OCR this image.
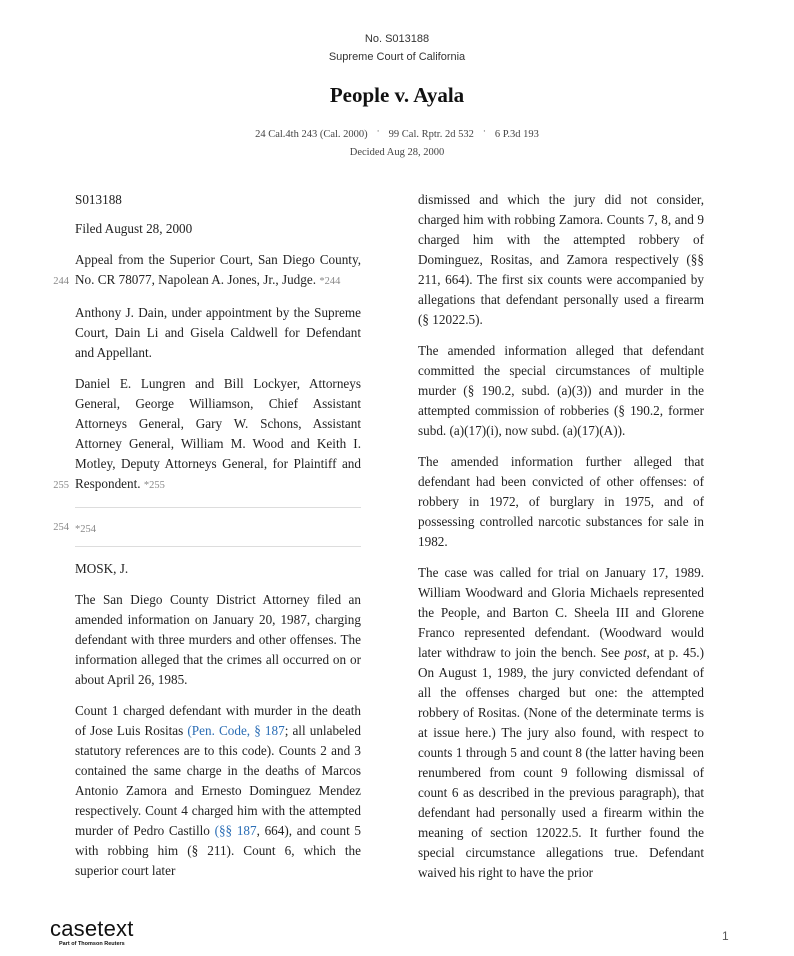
No. S013188
Supreme Court of California
People v. Ayala
24 Cal.4th 243 (Cal. 2000) · 99 Cal. Rptr. 2d 532 · 6 P.3d 193
Decided Aug 28, 2000

S013188

Filed August 28, 2000

Appeal from the Superior Court, San Diego County, No. CR 78077, Napolean A. Jones, Jr., Judge. *244
244

Anthony J. Dain, under appointment by the Supreme Court, Dain Li and Gisela Caldwell for Defendant and Appellant.

Daniel E. Lungren and Bill Lockyer, Attorneys General, George Williamson, Chief Assistant Attorneys General, Gary W. Schons, Assistant Attorney General, William M. Wood and Keith I. Motley, Deputy Attorneys General, for Plaintiff and Respondent. *255
255

254 *254

MOSK, J.

The San Diego County District Attorney filed an amended information on January 20, 1987, charging defendant with three murders and other offenses. The information alleged that the crimes all occurred on or about April 26, 1985.

Count 1 charged defendant with murder in the death of Jose Luis Rositas (Pen. Code, § 187; all unlabeled statutory references are to this code). Counts 2 and 3 contained the same charge in the deaths of Marcos Antonio Zamora and Ernesto Dominguez Mendez respectively. Count 4 charged him with the attempted murder of Pedro Castillo (§§ 187, 664), and count 5 with robbing him (§ 211). Count 6, which the superior court later

dismissed and which the jury did not consider, charged him with robbing Zamora. Counts 7, 8, and 9 charged him with the attempted robbery of Dominguez, Rositas, and Zamora respectively (§§ 211, 664). The first six counts were accompanied by allegations that defendant personally used a firearm (§ 12022.5).

The amended information alleged that defendant committed the special circumstances of multiple murder (§ 190.2, subd. (a)(3)) and murder in the attempted commission of robberies (§ 190.2, former subd. (a)(17)(i), now subd. (a)(17)(A)).

The amended information further alleged that defendant had been convicted of other offenses: of robbery in 1972, of burglary in 1975, and of possessing controlled narcotic substances for sale in 1982.

The case was called for trial on January 17, 1989. William Woodward and Gloria Michaels represented the People, and Barton C. Sheela III and Glorene Franco represented defendant. (Woodward would later withdraw to join the bench. See post, at p. 45.) On August 1, 1989, the jury convicted defendant of all the offenses charged but one: the attempted robbery of Rositas. (None of the determinate terms is at issue here.) The jury also found, with respect to counts 1 through 5 and count 8 (the latter having been renumbered from count 9 following dismissal of count 6 as described in the previous paragraph), that defendant had personally used a firearm within the meaning of section 12022.5. It further found the special circumstance allegations true. Defendant waived his right to have the prior

casetext
Part of Thomson Reuters
1
